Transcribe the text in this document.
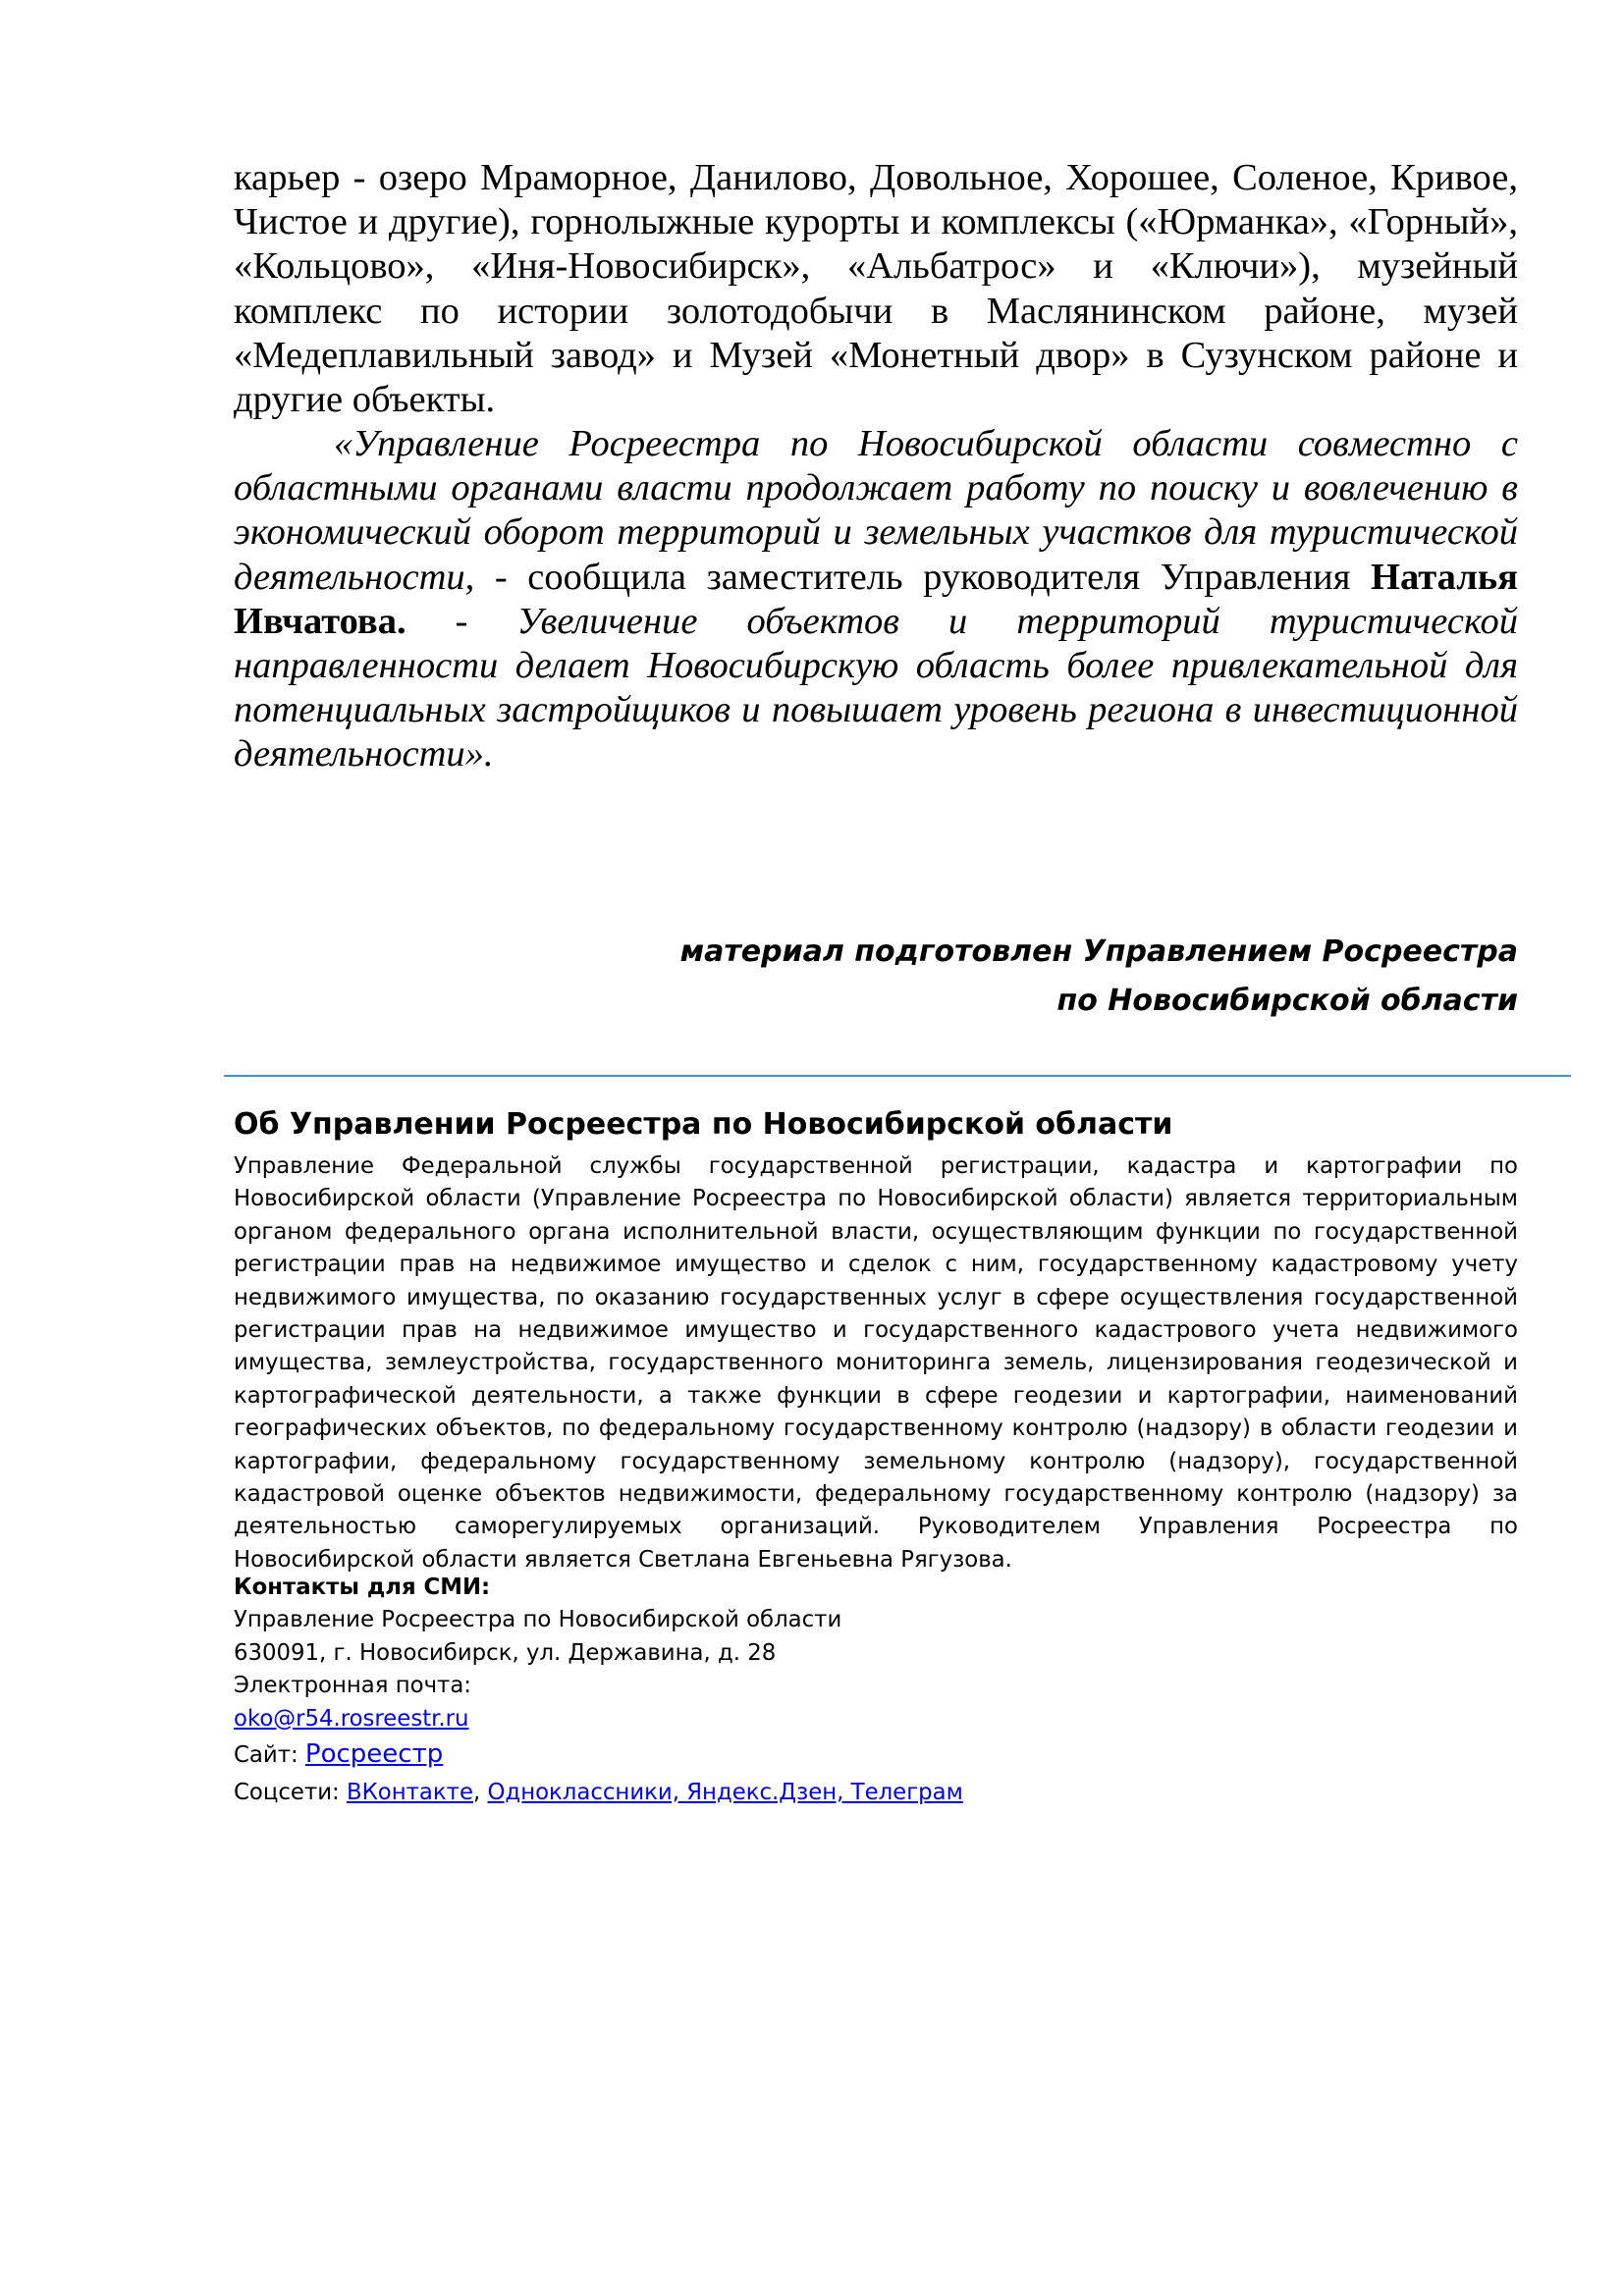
карьер - озеро Мраморное, Данилово, Довольное, Хорошее, Соленое, Кривое, Чистое и другие), горнолыжные курорты и комплексы («Юрманка», «Горный», «Кольцово», «Иня-Новосибирск», «Альбатрос» и «Ключи»), музейный комплекс по истории золотодобычи в Маслянинском районе, музей «Медеплавильный завод» и Музей «Монетный двор» в Сузунском районе и другие объекты.
«Управление Росреестра по Новосибирской области совместно с областными органами власти продолжает работу по поиску и вовлечению в экономический оборот территорий и земельных участков для туристической деятельности, - сообщила заместитель руководителя Управления Наталья Ивчатова. - Увеличение объектов и территорий туристической направленности делает Новосибирскую область более привлекательной для потенциальных застройщиков и повышает уровень региона в инвестиционной деятельности».
материал подготовлен Управлением Росреестра
по Новосибирской области
Об Управлении Росреестра по Новосибирской области
Управление Федеральной службы государственной регистрации, кадастра и картографии по Новосибирской области (Управление Росреестра по Новосибирской области) является территориальным органом федерального органа исполнительной власти, осуществляющим функции по государственной регистрации прав на недвижимое имущество и сделок с ним, государственному кадастровому учету недвижимого имущества, по оказанию государственных услуг в сфере осуществления государственной регистрации прав на недвижимое имущество и государственного кадастрового учета недвижимого имущества, землеустройства, государственного мониторинга земель, лицензирования геодезической и картографической деятельности, а также функции в сфере геодезии и картографии, наименований географических объектов, по федеральному государственному контролю (надзору) в области геодезии и картографии, федеральному государственному земельному контролю (надзору), государственной кадастровой оценке объектов недвижимости, федеральному государственному контролю (надзору) за деятельностью саморегулируемых организаций. Руководителем Управления Росреестра по Новосибирской области является Светлана Евгеньевна Рягузова.
Контакты для СМИ:
Управление Росреестра по Новосибирской области
630091, г. Новосибирск, ул. Державина, д. 28
Электронная почта:
oko@r54.rosreestr.ru
Сайт: Росреестр
Соцсети: ВКонтакте, Одноклассники, Яндекс.Дзен, Телеграм
